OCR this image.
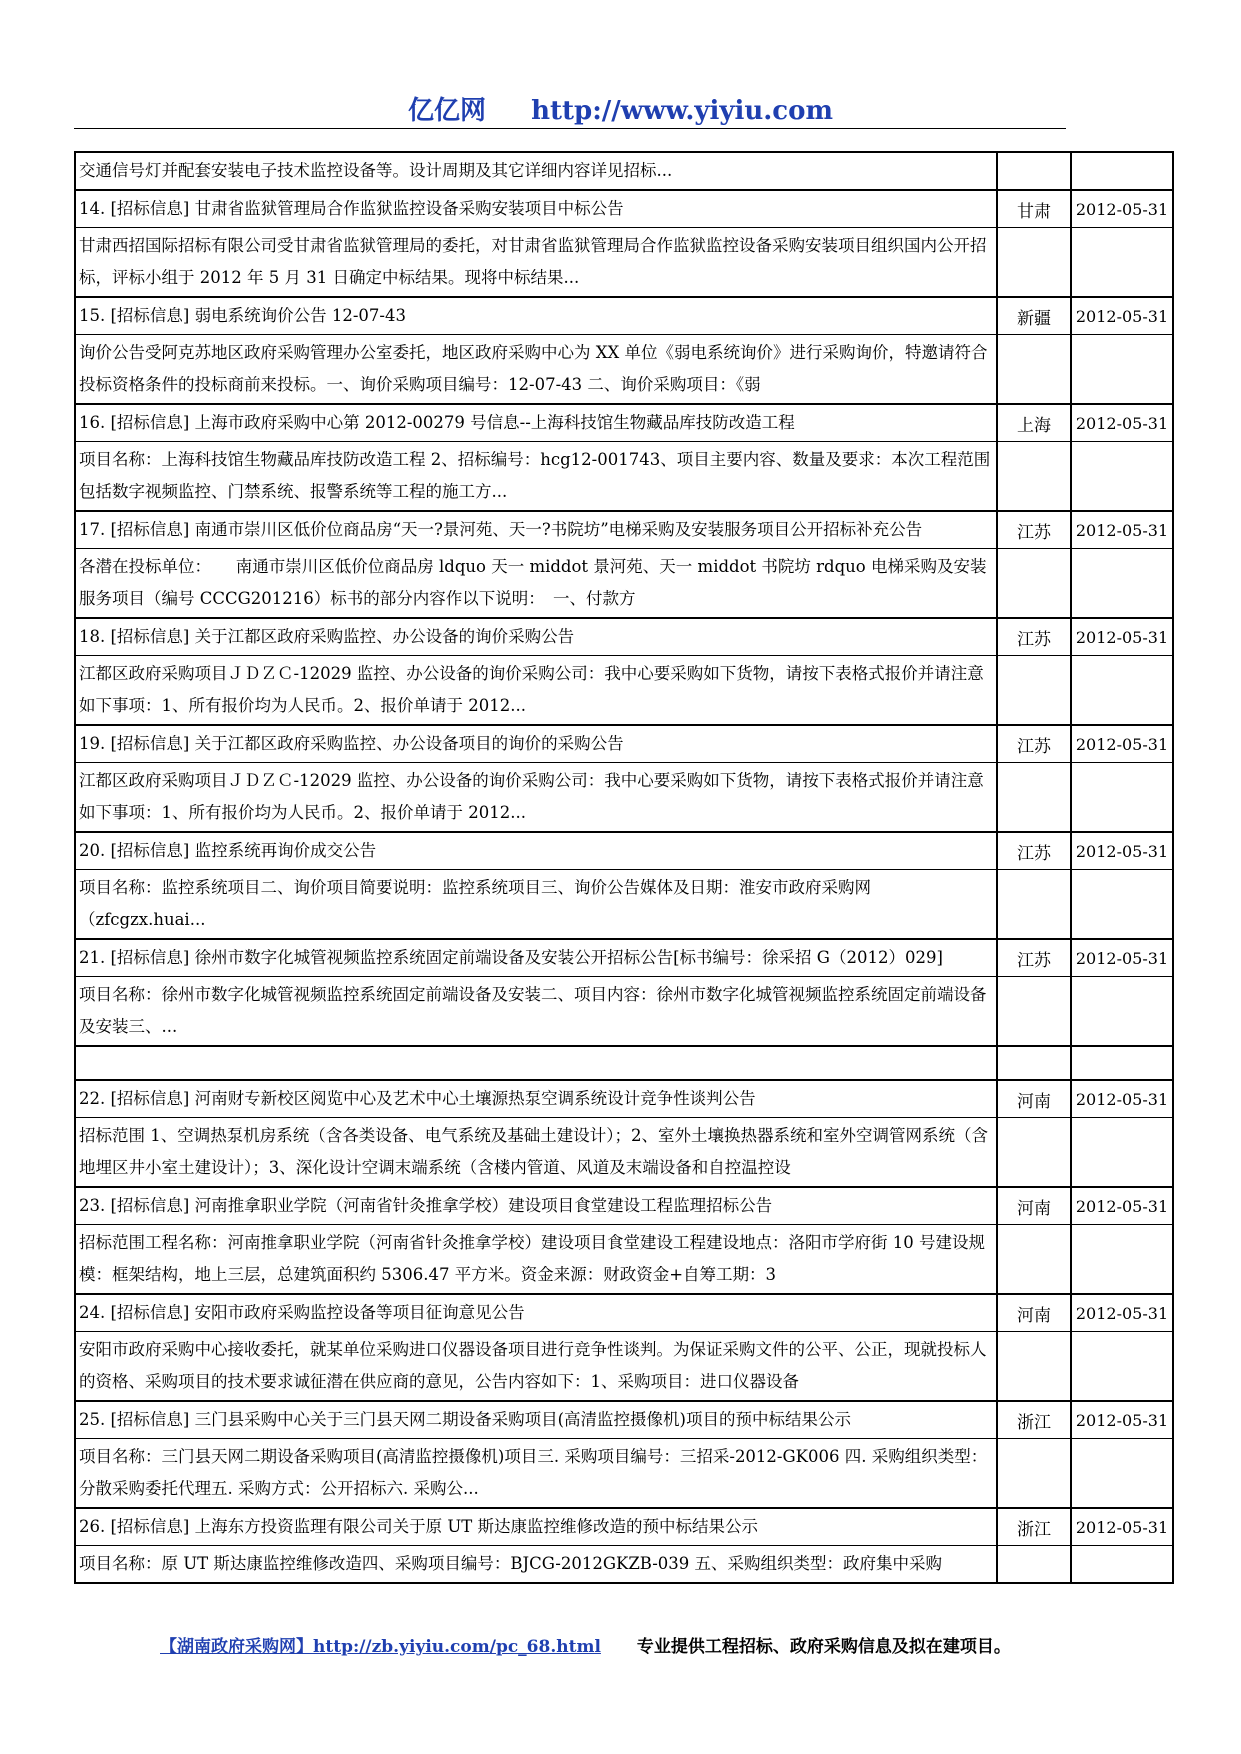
亿亿网 http://www.yiyiu.com
交通信号灯并配套安装电子技术监控设备等。设计周期及其它详细内容详见招标...
14. [招标信息] 甘肃省监狱管理局合作监狱监控设备采购安装项目中标公告	甘肃	2012-05-31
甘肃西招国际招标有限公司受甘肃省监狱管理局的委托，对甘肃省监狱管理局合作监狱监控设备采购安装项目组织国内公开招标，评标小组于 2012 年 5 月 31 日确定中标结果。现将中标结果...
15. [招标信息] 弱电系统询价公告 12-07-43	新疆	2012-05-31
询价公告受阿克苏地区政府采购管理办公室委托，地区政府采购中心为 XX 单位《弱电系统询价》进行采购询价，特邀请符合投标资格条件的投标商前来投标。一、询价采购项目编号：12-07-43 二、询价采购项目：《弱
16. [招标信息] 上海市政府采购中心第 2012-00279 号信息--上海科技馆生物藏品库技防改造工程	上海	2012-05-31
项目名称：上海科技馆生物藏品库技防改造工程 2、招标编号：hcg12-001743、项目主要内容、数量及要求：本次工程范围包括数字视频监控、门禁系统、报警系统等工程的施工方...
17. [招标信息] 南通市崇川区低价位商品房“天一?景河苑、天一?书院坊”电梯采购及安装服务项目公开招标补充公告	江苏	2012-05-31
各潜在投标单位：　　南通市崇川区低价位商品房 ldquo 天一 middot 景河苑、天一 middot 书院坊 rdquo 电梯采购及安装服务项目（编号 CCCG201216）标书的部分内容作以下说明：　一、付款方
18. [招标信息] 关于江都区政府采购监控、办公设备的询价采购公告	江苏	2012-05-31
江都区政府采购项目ＪＤＺＣ-12029 监控、办公设备的询价采购公司：我中心要采购如下货物，请按下表格式报价并请注意如下事项：1、所有报价均为人民币。2、报价单请于 2012...
19. [招标信息] 关于江都区政府采购监控、办公设备项目的询价的采购公告	江苏	2012-05-31
江都区政府采购项目ＪＤＺＣ-12029 监控、办公设备的询价采购公司：我中心要采购如下货物，请按下表格式报价并请注意如下事项：1、所有报价均为人民币。2、报价单请于 2012...
20. [招标信息] 监控系统再询价成交公告	江苏	2012-05-31
项目名称：监控系统项目二、询价项目简要说明：监控系统项目三、询价公告媒体及日期：淮安市政府采购网（zfcgzx.huai...
21. [招标信息] 徐州市数字化城管视频监控系统固定前端设备及安装公开招标公告[标书编号：徐采招 G（2012）029]	江苏	2012-05-31
项目名称：徐州市数字化城管视频监控系统固定前端设备及安装二、项目内容：徐州市数字化城管视频监控系统固定前端设备及安装三、...
22. [招标信息] 河南财专新校区阅览中心及艺术中心土壤源热泵空调系统设计竞争性谈判公告	河南	2012-05-31
招标范围 1、空调热泵机房系统（含各类设备、电气系统及基础土建设计）；2、室外土壤换热器系统和室外空调管网系统（含地埋区井小室土建设计）；3、深化设计空调末端系统（含楼内管道、风道及末端设备和自控温控设
23. [招标信息] 河南推拿职业学院（河南省针灸推拿学校）建设项目食堂建设工程监理招标公告	河南	2012-05-31
招标范围工程名称：河南推拿职业学院（河南省针灸推拿学校）建设项目食堂建设工程建设地点：洛阳市学府街 10 号建设规模：框架结构，地上三层，总建筑面积约 5306.47 平方米。资金来源：财政资金+自筹工期：3
24. [招标信息] 安阳市政府采购监控设备等项目征询意见公告	河南	2012-05-31
安阳市政府采购中心接收委托，就某单位采购进口仪器设备项目进行竞争性谈判。为保证采购文件的公平、公正，现就投标人的资格、采购项目的技术要求诚征潜在供应商的意见，公告内容如下：1、采购项目：进口仪器设备
25. [招标信息] 三门县采购中心关于三门县天网二期设备采购项目(高清监控摄像机)项目的预中标结果公示	浙江	2012-05-31
项目名称：三门县天网二期设备采购项目(高清监控摄像机)项目三. 采购项目编号：三招采-2012-GK006 四. 采购组织类型：分散采购委托代理五. 采购方式：公开招标六. 采购公...
26. [招标信息] 上海东方投资监理有限公司关于原 UT 斯达康监控维修改造的预中标结果公示	浙江	2012-05-31
项目名称：原 UT 斯达康监控维修改造四、采购项目编号：BJCG-2012GKZB-039 五、采购组织类型：政府集中采购
【湖南政府采购网】http://zb.yiyiu.com/pc_68.html 专业提供工程招标、政府采购信息及拟在建项目。
